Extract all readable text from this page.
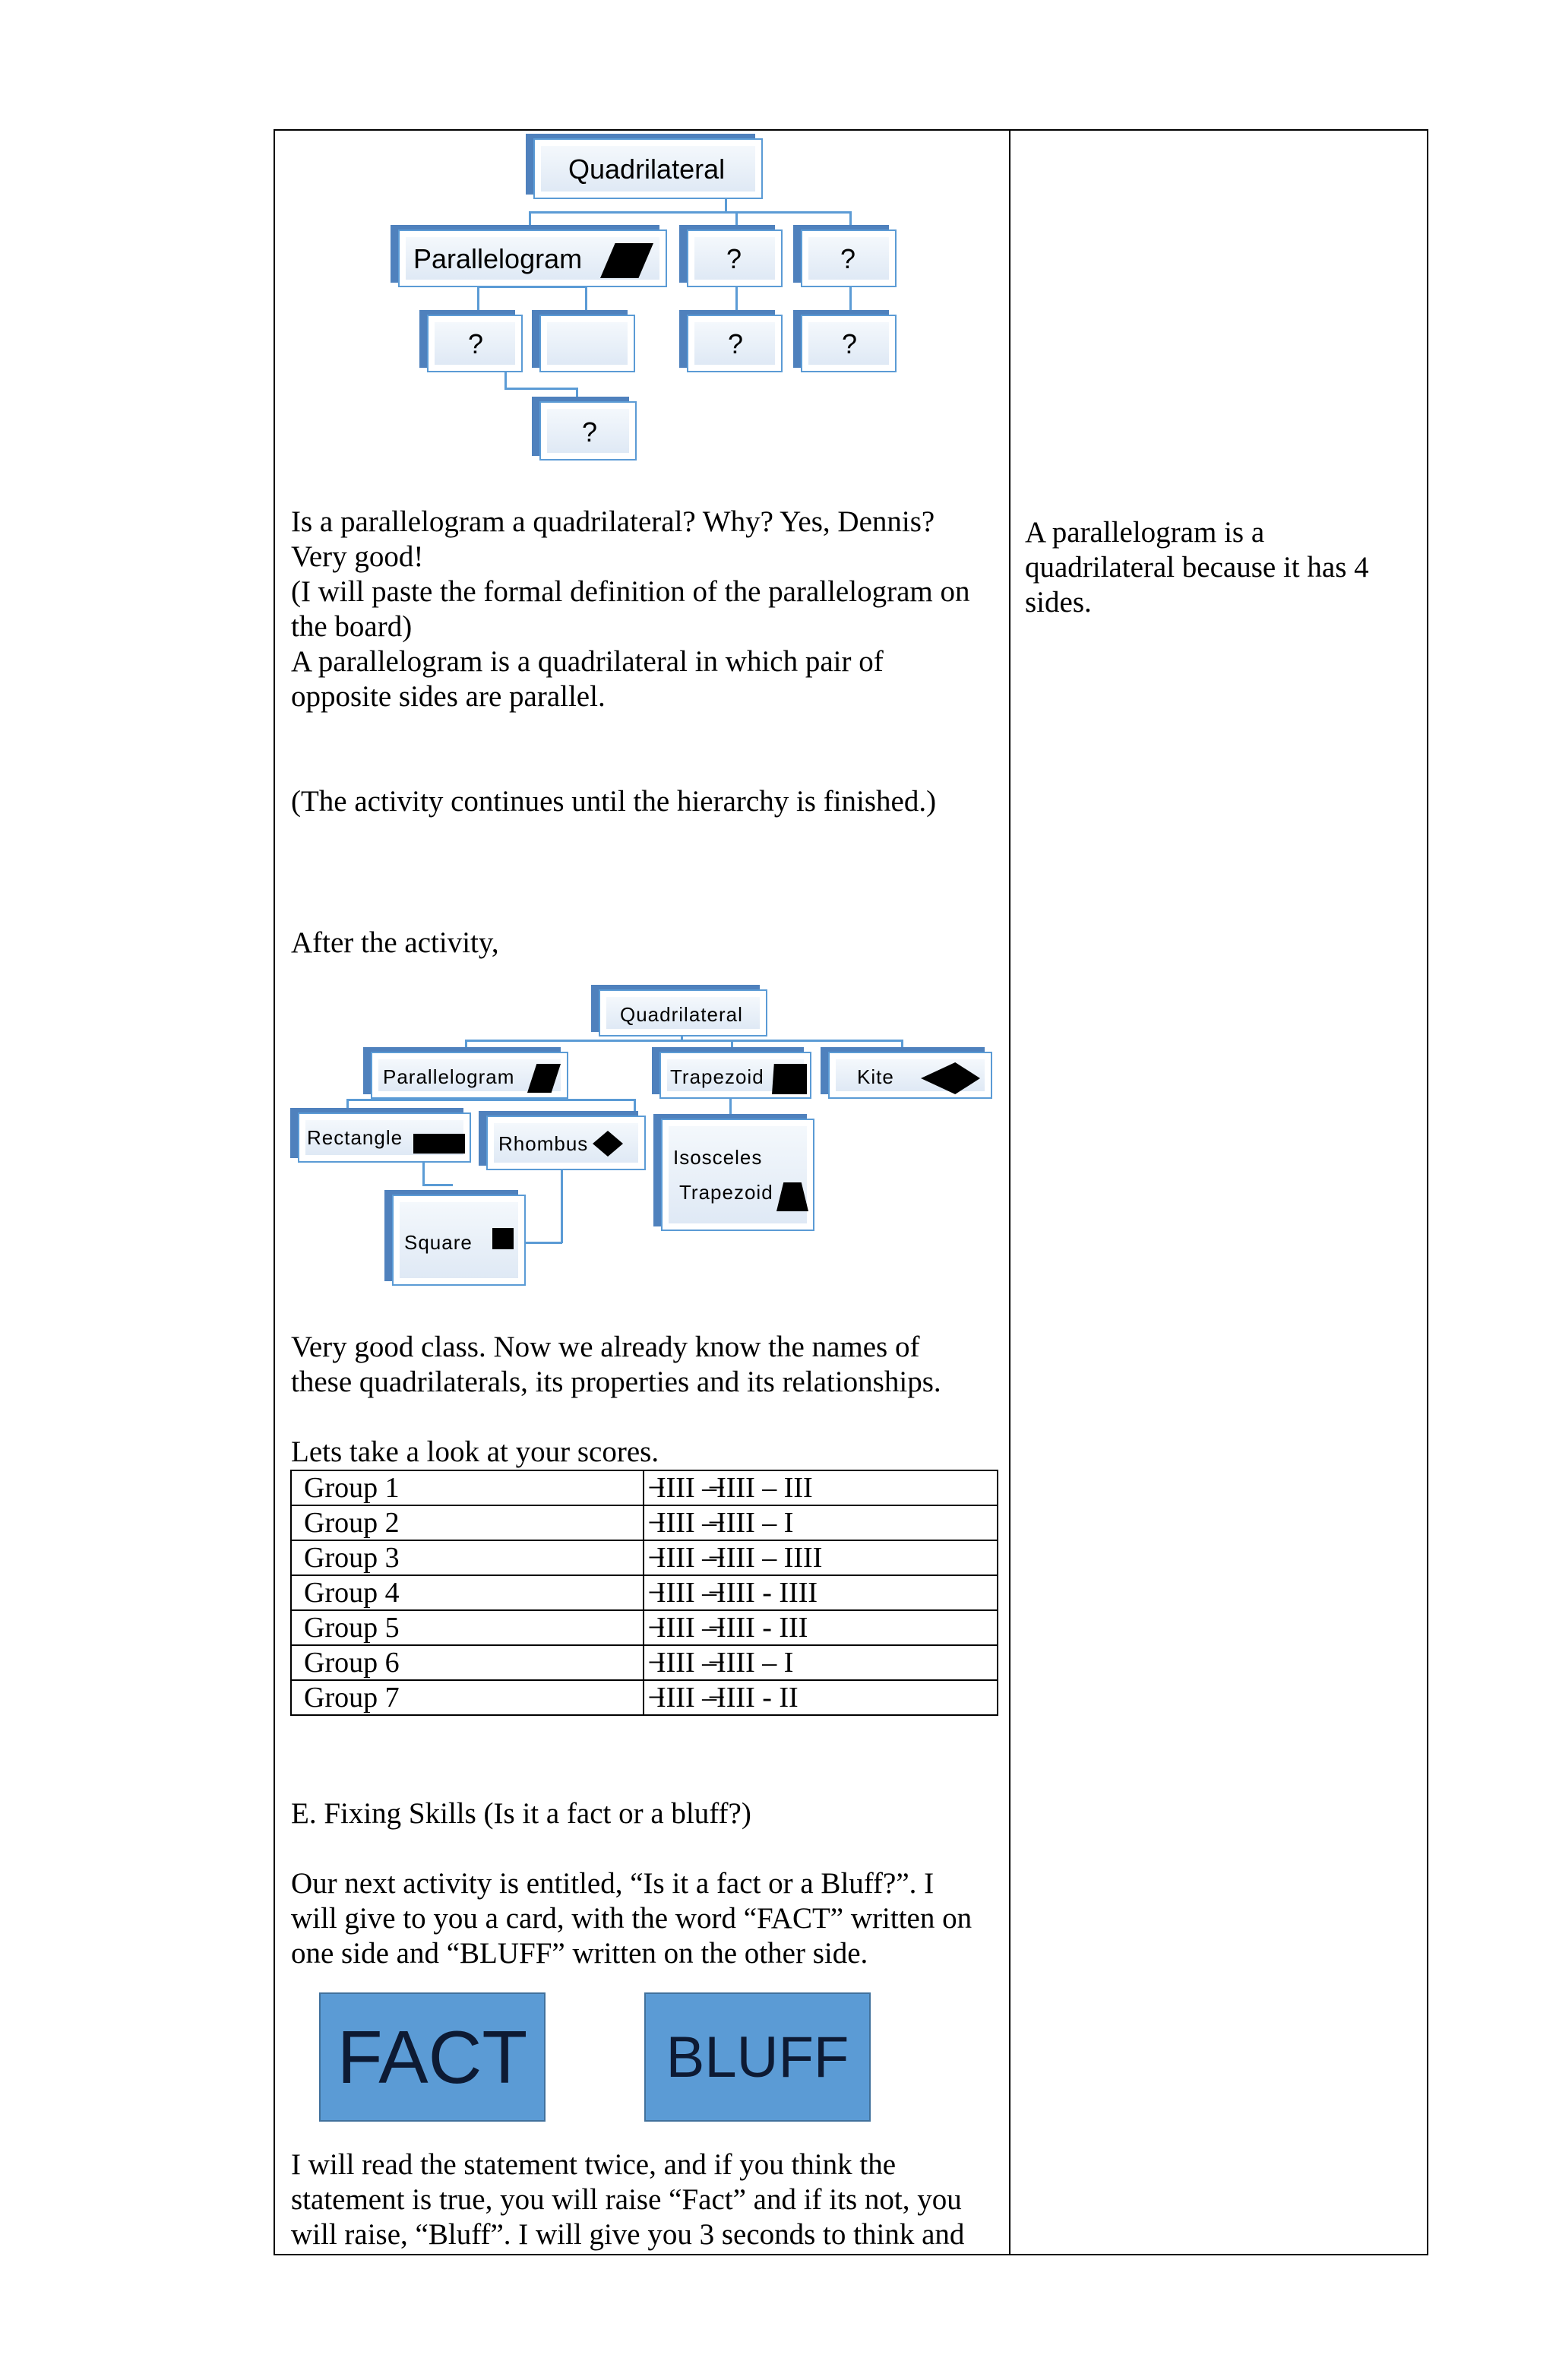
Quadrilateral
Parallelogram	?	?
?	?	?
?
Is a parallelogram a quadrilateral? Why? Yes, Dennis?
Very good!
(I will paste the formal definition of the parallelogram on
the board)
A parallelogram is a quadrilateral in which pair of
opposite sides are parallel.
(The activity continues until the hierarchy is finished.)
After the activity,
A parallelogram is a
quadrilateral because it has 4
sides.
Quadrilateral
Parallelogram	Trapezoid	Kite
Rectangle	Rhombus
Isosceles
Trapezoid
Square
Very good class. Now we already know the names of
these quadrilaterals, its properties and its relationships.
Lets take a look at your scores.
Group 1	̶IIII –̶IIII – III
Group 2	̶IIII –̶IIII – I
Group 3	̶IIII –̶IIII – IIII
Group 4	̶IIII –̶IIII - IIII
Group 5	̶IIII –̶IIII - III
Group 6	̶IIII –̶IIII – I
Group 7	̶IIII –̶IIII - II
E. Fixing Skills (Is it a fact or a bluff?)
Our next activity is entitled, “Is it a fact or a Bluff?”. I
will give to you a card, with the word “FACT” written on
one side and “BLUFF” written on the other side.
FACT BLUFF
I will read the statement twice, and if you think the
statement is true, you will raise “Fact” and if its not, you
will raise, “Bluff”. I will give you 3 seconds to think and
